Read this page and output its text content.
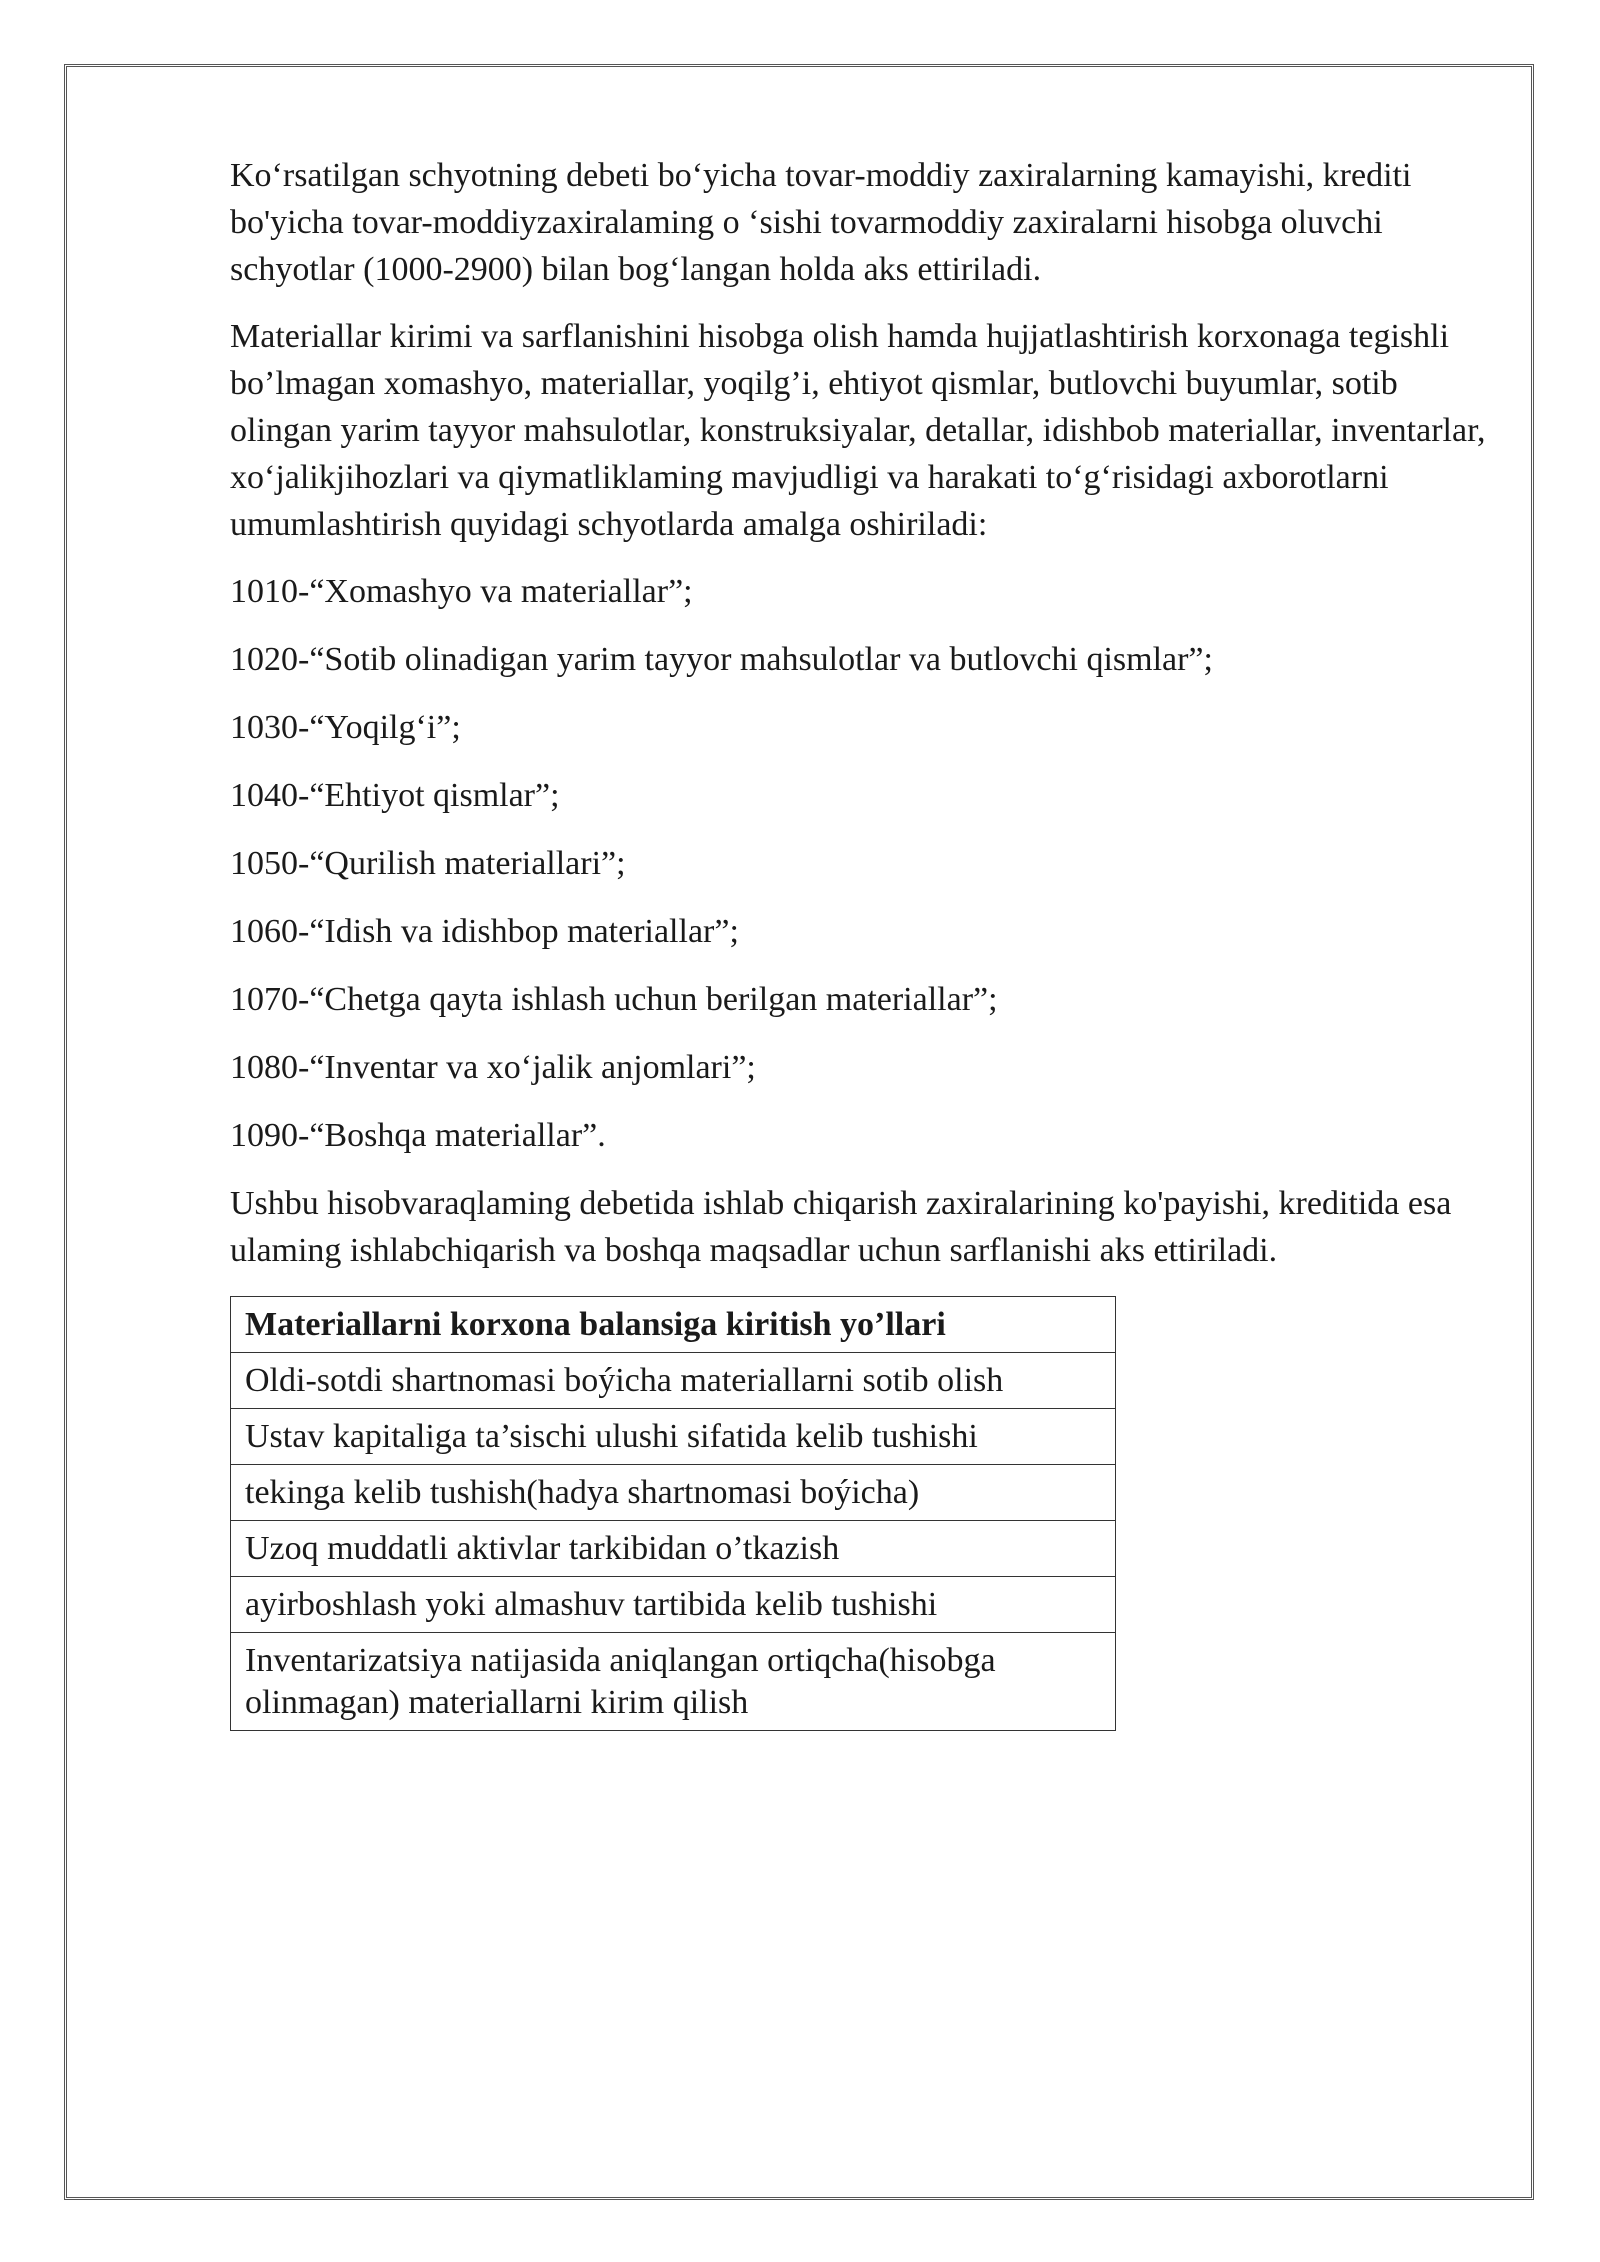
Ko‘rsatilgan schyotning debeti bo‘yicha tovar-moddiy zaxiralarning kamayishi, krediti bo'yicha tovar-moddiyzaxiralaming o ‘sishi tovarmoddiy zaxiralarni hisobga oluvchi schyotlar (1000-2900) bilan bog‘langan holda aks ettiriladi.

Materiallar kirimi va sarflanishini hisobga olish hamda hujjatlashtirish korxonaga tegishli bo’lmagan xomashyo, materiallar, yoqilg’i, ehtiyot qismlar, butlovchi buyumlar, sotib olingan yarim tayyor mahsulotlar, konstruksiyalar, detallar, idishbob materiallar, inventarlar, xo‘jalikjihozlari va qiymatliklaming mavjudligi va harakati to‘g‘risidagi axborotlarni umumlashtirish quyidagi schyotlarda amalga oshiriladi:

1010-“Xomashyo va materiallar”;

1020-“Sotib olinadigan yarim tayyor mahsulotlar va butlovchi qismlar”;

1030-“Yoqilg‘i”;

1040-“Ehtiyot qismlar”;

1050-“Qurilish materiallari”;

1060-“Idish va idishbop materiallar”;

1070-“Chetga qayta ishlash uchun berilgan materiallar”;

1080-“Inventar va xo‘jalik anjomlari”;

1090-“Boshqa materiallar”.

Ushbu hisobvaraqlaming debetida ishlab chiqarish zaxiralarining ko'payishi, kreditida esa ulaming ishlabchiqarish va boshqa maqsadlar uchun sarflanishi aks ettiriladi.

Materiallarni korxona balansiga kiritish yo’llari
Oldi-sotdi shartnomasi boýicha materiallarni sotib olish
Ustav kapitaliga ta’sischi ulushi sifatida kelib tushishi
tekinga kelib tushish(hadya shartnomasi boýicha)
Uzoq muddatli aktivlar tarkibidan o’tkazish
ayirboshlash yoki almashuv tartibida kelib tushishi
Inventarizatsiya natijasida aniqlangan ortiqcha(hisobga olinmagan) materiallarni kirim qilish
